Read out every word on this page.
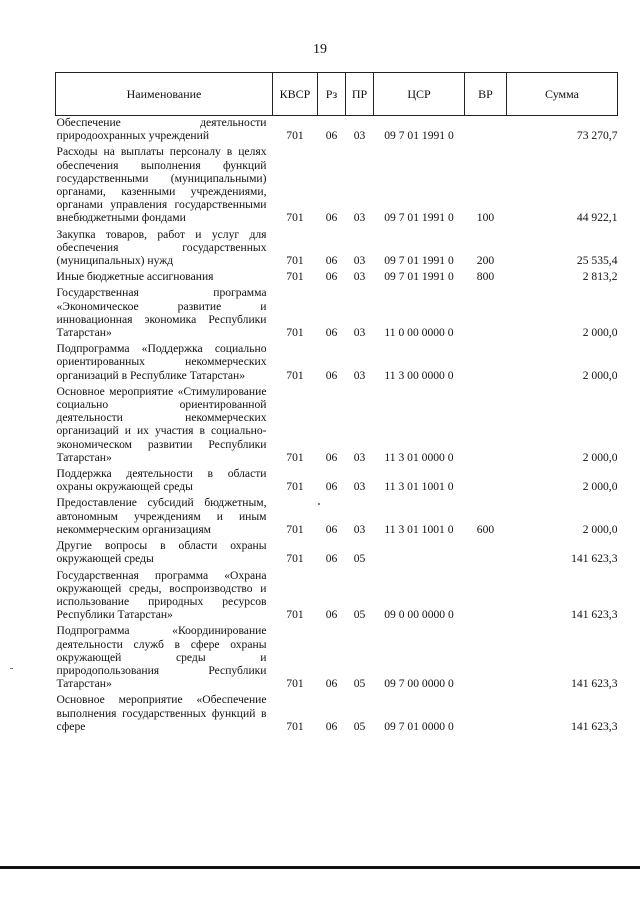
19
Наименование	КВСР	Рз	ПР	ЦСР	ВР	Сумма
Обеспечение деятельности природоохранных учреждений	701	06	03	09 7 01 1991 0		73 270,7
Расходы на выплаты персоналу в целях обеспечения выполнения функций государственными (муниципальными) органами, казенными учреждениями, органами управления государственными внебюджетными фондами	701	06	03	09 7 01 1991 0	100	44 922,1
Закупка товаров, работ и услуг для обеспечения государственных (муниципальных) нужд	701	06	03	09 7 01 1991 0	200	25 535,4
Иные бюджетные ассигнования	701	06	03	09 7 01 1991 0	800	2 813,2
Государственная программа «Экономическое развитие и инновационная экономика Республики Татарстан»	701	06	03	11 0 00 0000 0		2 000,0
Подпрограмма «Поддержка социально ориентированных некоммерческих организаций в Республике Татарстан»	701	06	03	11 3 00 0000 0		2 000,0
Основное мероприятие «Стимулирование социально ориентированной деятельности некоммерческих организаций и их участия в социально-экономическом развитии Республики Татарстан»	701	06	03	11 3 01 0000 0		2 000,0
Поддержка деятельности в области охраны окружающей среды	701	06	03	11 3 01 1001 0		2 000,0
Предоставление субсидий бюджетным, автономным учреждениям и иным некоммерческим организациям	701	06	03	11 3 01 1001 0	600	2 000,0
Другие вопросы в области охраны окружающей среды	701	06	05			141 623,3
Государственная программа «Охрана окружающей среды, воспроизводство и использование природных ресурсов Республики Татарстан»	701	06	05	09 0 00 0000 0		141 623,3
Подпрограмма «Координирование деятельности служб в сфере охраны окружающей среды и природопользования Республики Татарстан»	701	06	05	09 7 00 0000 0		141 623,3
Основное мероприятие «Обеспечение выполнения государственных функций в сфере	701	06	05	09 7 01 0000 0		141 623,3
